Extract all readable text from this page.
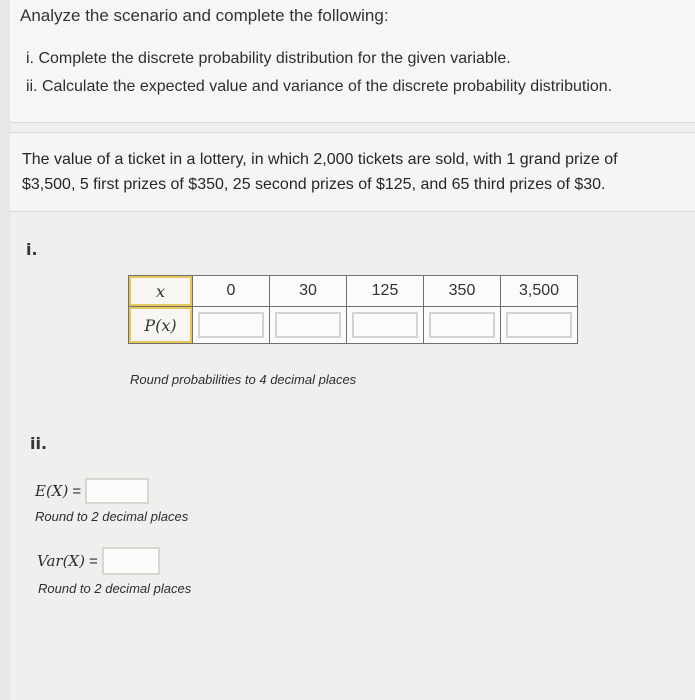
Analyze the scenario and complete the following:
i. Complete the discrete probability distribution for the given variable.
ii. Calculate the expected value and variance of the discrete probability distribution.
The value of a ticket in a lottery, in which 2,000 tickets are sold, with 1 grand prize of $3,500, 5 first prizes of $350, 25 second prizes of $125, and 65 third prizes of $30.
i.
x	0	30	125	350	3,500

P(x)					

Round probabilities to 4 decimal places
ii.
E(X) =
Round to 2 decimal places
Var(X) =
Round to 2 decimal places
